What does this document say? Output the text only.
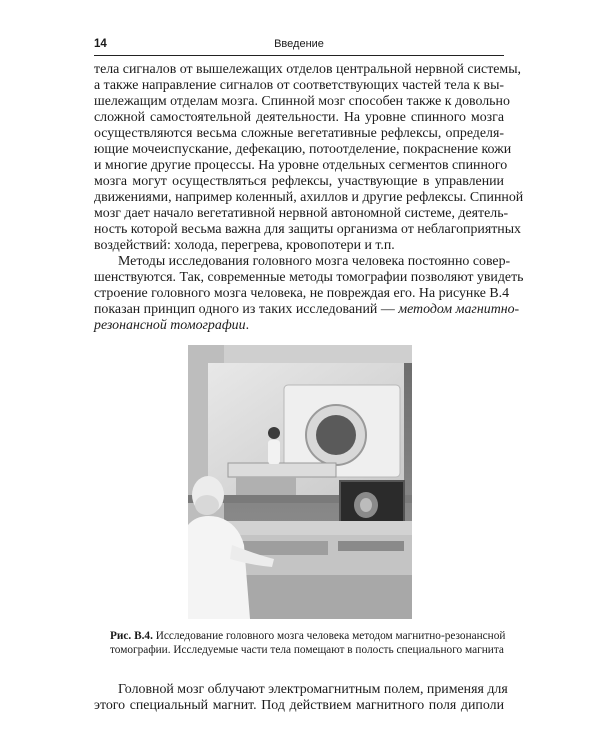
14	Введение
тела сигналов от вышележащих отделов центральной нервной системы,
а также направление сигналов от соответствующих частей тела к вы-
шележащим отделам мозга. Спинной мозг способен также к довольно
сложной самостоятельной деятельности. На уровне спинного мозга
осуществляются весьма сложные вегетативные рефлексы, определя-
ющие мочеиспускание, дефекацию, потоотделение, покраснение кожи
и многие другие процессы. На уровне отдельных сегментов спинного
мозга могут осуществляться рефлексы, участвующие в управлении
движениями, например коленный, ахиллов и другие рефлексы. Спинной
мозг дает начало вегетативной нервной автономной системе, деятель-
ность которой весьма важна для защиты организма от неблагоприятных
воздействий: холода, перегрева, кровопотери и т.п.
Методы исследования головного мозга человека постоянно совер-
шенствуются. Так, современные методы томографии позволяют увидеть
строение головного мозга человека, не повреждая его. На рисунке В.4
показан принцип одного из таких исследований — методом магнитно-
резонансной томографии.
Рис. В.4. Исследование головного мозга человека методом магнитно-резонансной
томографии. Исследуемые части тела помещают в полость специального магнита
Головной мозг облучают электромагнитным полем, применяя для
этого специальный магнит. Под действием магнитного поля диполи
